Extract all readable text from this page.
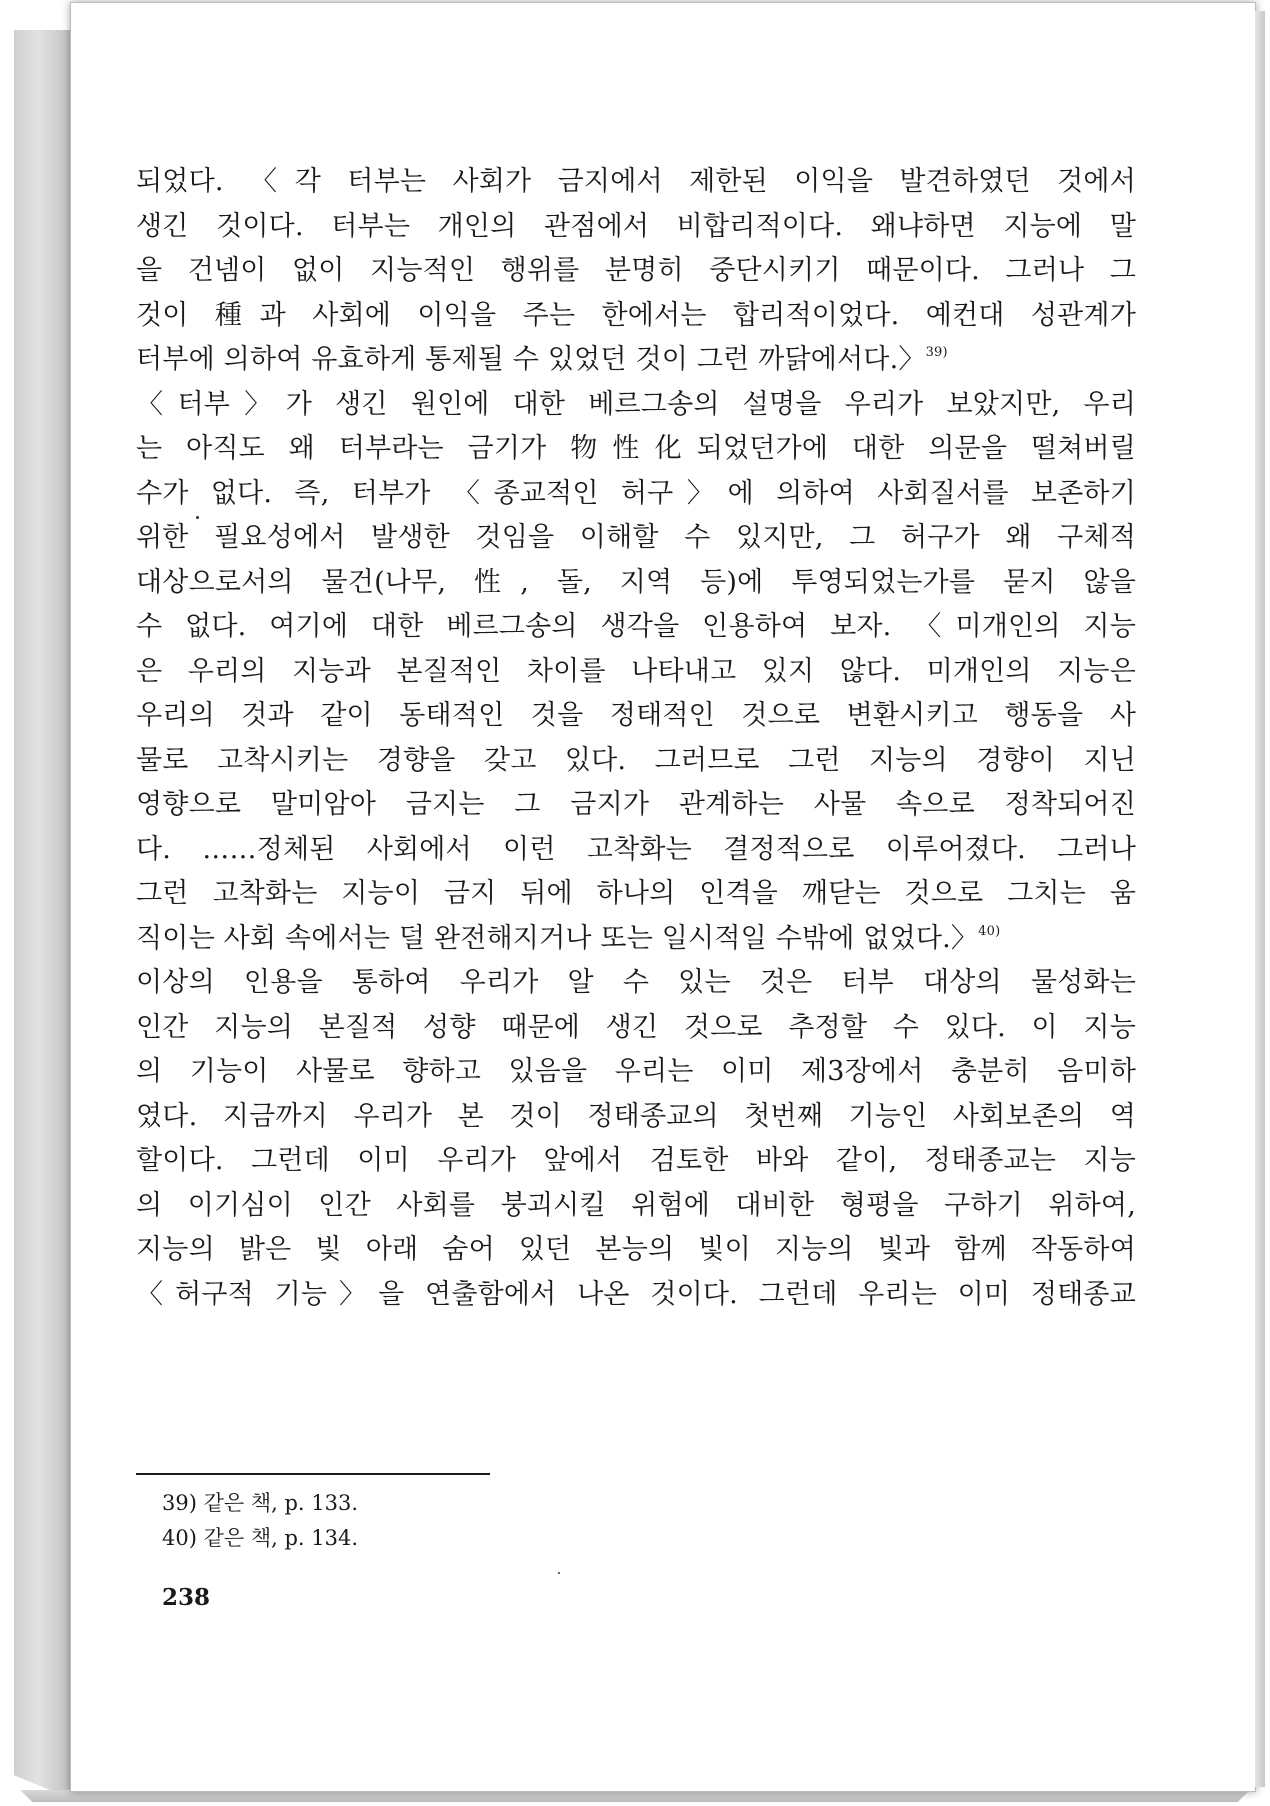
되었다. 〈각 터부는 사회가 금지에서 제한된 이익을 발견하였던 것에서
생긴 것이다. 터부는 개인의 관점에서 비합리적이다. 왜냐하면 지능에 말
을 건넴이 없이 지능적인 행위를 분명히 중단시키기 때문이다. 그러나 그
것이 種과 사회에 이익을 주는 한에서는 합리적이었다. 예컨대 성관계가
터부에 의하여 유효하게 통제될 수 있었던 것이 그런 까닭에서다.〉$^{39)}$
〈터부〉가 생긴 원인에 대한 베르그송의 설명을 우리가 보았지만, 우리
는 아직도 왜 터부라는 금기가 物性化되었던가에 대한 의문을 떨쳐버릴
수가 없다. 즉, 터부가 〈종교적인 허구〉에 의하여 사회질서를 보존하기
위한 필요성에서 발생한 것임을 이해할 수 있지만, 그 허구가 왜 구체적
대상으로서의 물건(나무, 性, 돌, 지역 등)에 투영되었는가를 묻지 않을
수 없다. 여기에 대한 베르그송의 생각을 인용하여 보자. 〈미개인의 지능
은 우리의 지능과 본질적인 차이를 나타내고 있지 않다. 미개인의 지능은
우리의 것과 같이 동태적인 것을 정태적인 것으로 변환시키고 행동을 사
물로 고착시키는 경향을 갖고 있다. 그러므로 그런 지능의 경향이 지닌
영향으로 말미암아 금지는 그 금지가 관계하는 사물 속으로 정착되어진
다. ……정체된 사회에서 이런 고착화는 결정적으로 이루어졌다. 그러나
그런 고착화는 지능이 금지 뒤에 하나의 인격을 깨닫는 것으로 그치는 움
직이는 사회 속에서는 덜 완전해지거나 또는 일시적일 수밖에 없었다.〉$^{40)}$
이상의 인용을 통하여 우리가 알 수 있는 것은 터부 대상의 물성화는
인간 지능의 본질적 성향 때문에 생긴 것으로 추정할 수 있다. 이 지능
의 기능이 사물로 향하고 있음을 우리는 이미 제3장에서 충분히 음미하
였다. 지금까지 우리가 본 것이 정태종교의 첫번째 기능인 사회보존의 역
할이다. 그런데 이미 우리가 앞에서 검토한 바와 같이, 정태종교는 지능
의 이기심이 인간 사회를 붕괴시킬 위험에 대비한 형평을 구하기 위하여,
지능의 밝은 빛 아래 숨어 있던 본능의 빛이 지능의 빛과 함께 작동하여
〈허구적 기능〉을 연출함에서 나온 것이다. 그런데 우리는 이미 정태종교
39) 같은 책, p. 133.
40) 같은 책, p. 134.
238
